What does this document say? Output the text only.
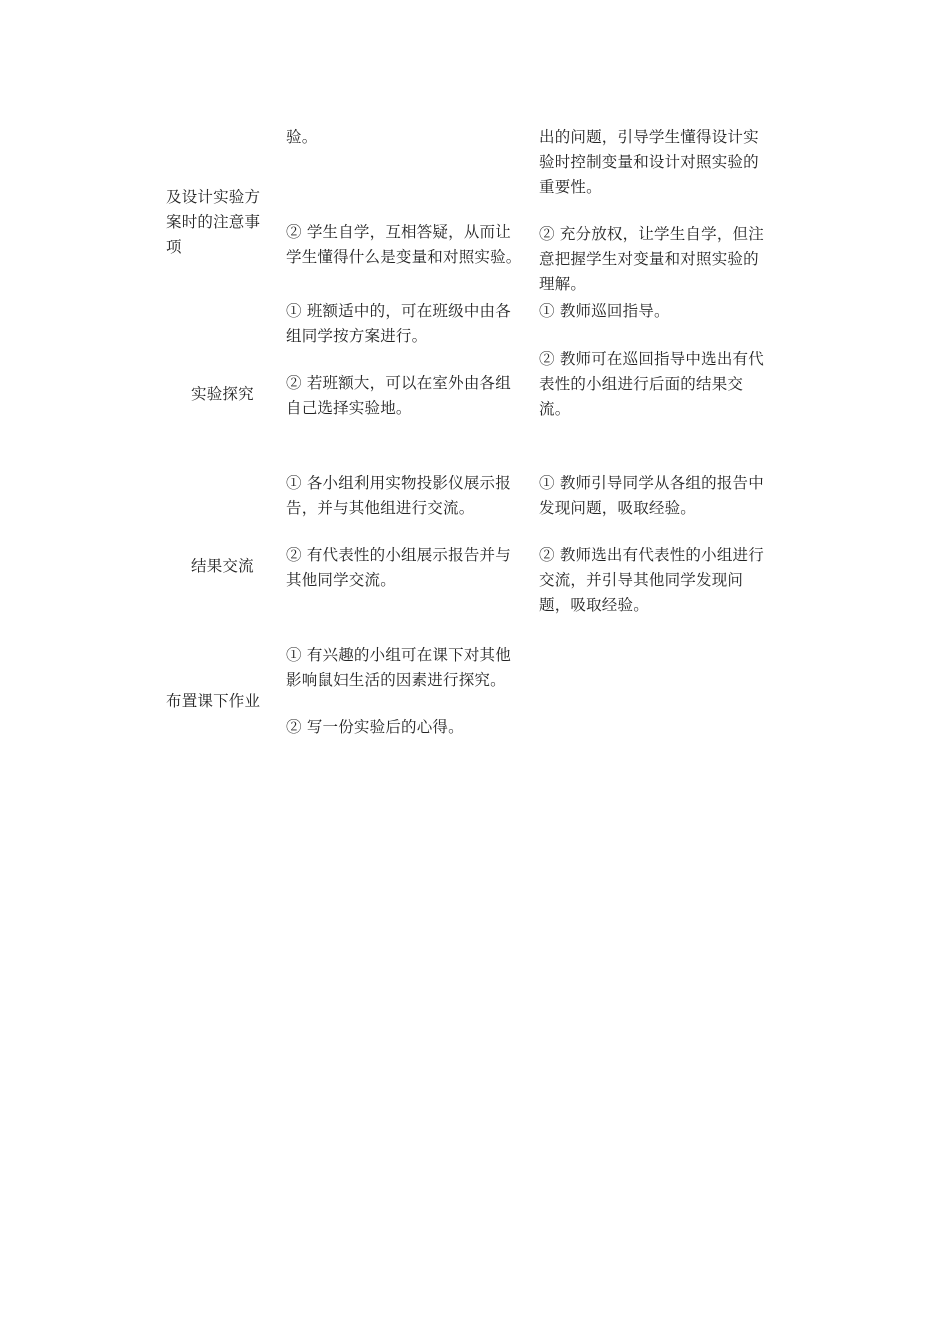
及设计实验方
案时的注意事
项
验。
② 学生自学，互相答疑，从而让
学生懂得什么是变量和对照实验。
出的问题，引导学生懂得设计实
验时控制变量和设计对照实验的
重要性。
② 充分放权，让学生自学，但注
意把握学生对变量和对照实验的
理解。
实验探究
① 班额适中的，可在班级中由各
组同学按方案进行。
② 若班额大，可以在室外由各组
自己选择实验地。
① 教师巡回指导。
② 教师可在巡回指导中选出有代
表性的小组进行后面的结果交
流。
结果交流
① 各小组利用实物投影仪展示报
告，并与其他组进行交流。
② 有代表性的小组展示报告并与
其他同学交流。
① 教师引导同学从各组的报告中
发现问题，吸取经验。
② 教师选出有代表性的小组进行
交流，并引导其他同学发现问
题，吸取经验。
布置课下作业
① 有兴趣的小组可在课下对其他
影响鼠妇生活的因素进行探究。
② 写一份实验后的心得。
